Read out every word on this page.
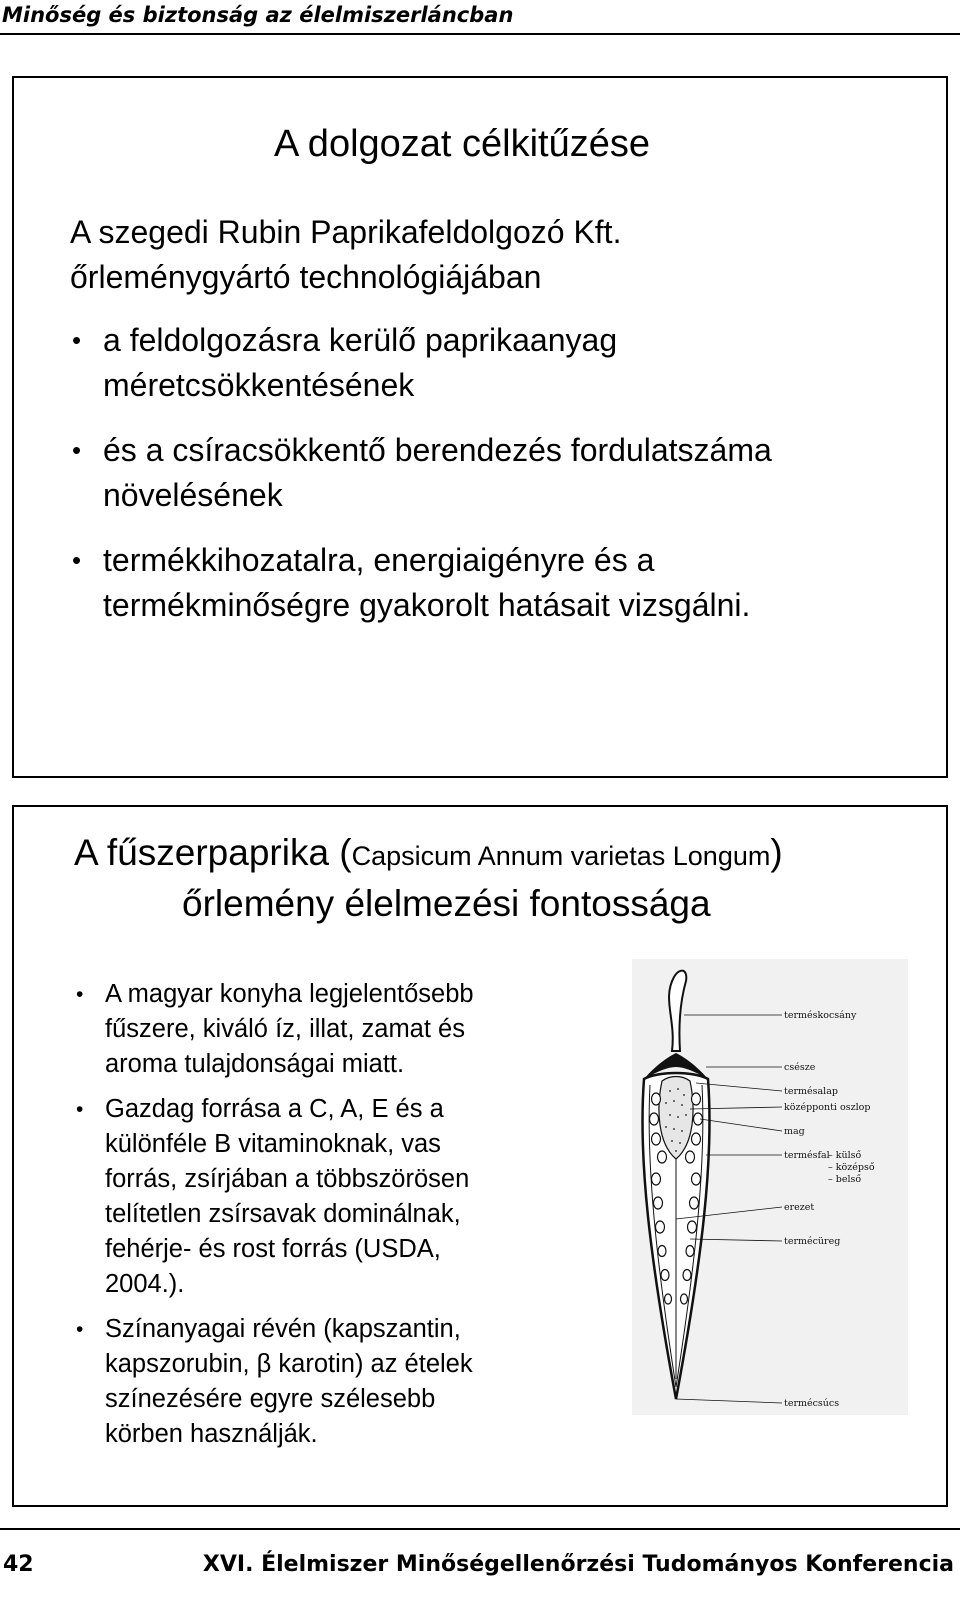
Minőség és biztonság az élelmiszerláncban
A dolgozat célkitűzése
A szegedi Rubin Paprikafeldolgozó Kft.
őrleménygyártó technológiájában
• a feldolgozásra kerülő paprikaanyag
méretcsökkentésének
• és a csíracsökkentő berendezés fordulatszáma
növelésének
• termékkihozatalra, energiaigényre és a
termékminőségre gyakorolt hatásait vizsgálni.
A fűszerpaprika (Capsicum Annum varietas Longum)
őrlemény élelmezési fontossága
• A magyar konyha legjelentősebb
fűszere, kiváló íz, illat, zamat és
aroma tulajdonságai miatt.
• Gazdag forrása a C, A, E és a
különféle B vitaminoknak, vas
forrás, zsírjában a többszörösen
telítetlen zsírsavak dominálnak,
fehérje- és rost forrás (USDA,
2004.).
• Színanyagai révén (kapszantin,
kapszorubin, β karotin) az ételek
színezésére egyre szélesebb
körben használják.
terméskocsány
csésze
termésalap
középponti oszlop
mag
termésfal
– külső
– középső
– belső
erezet
terméсüreg
termécsúcs
42	XVI. Élelmiszer Minőségellenőrzési Tudományos Konferencia
